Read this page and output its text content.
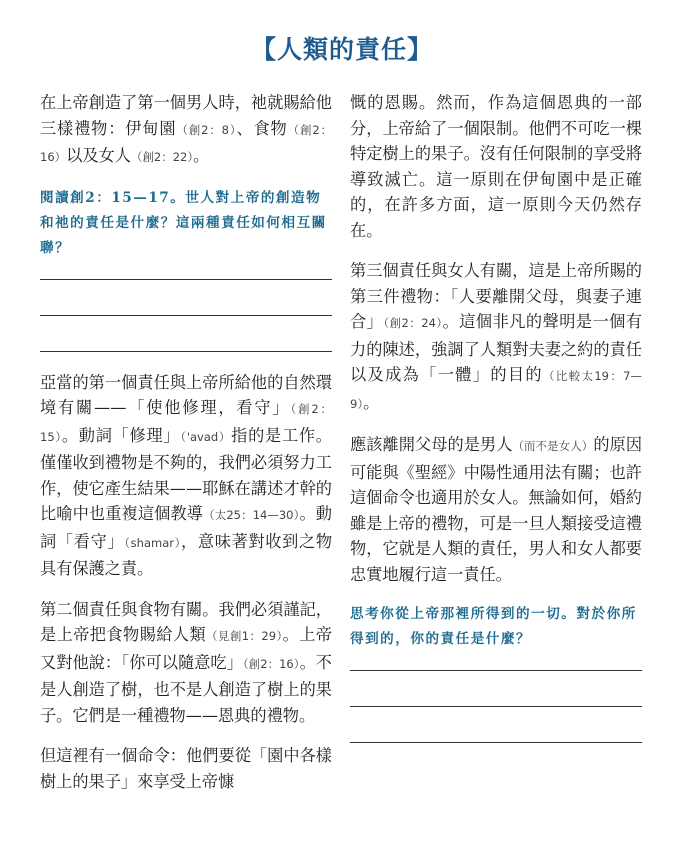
【人類的責任】

在上帝創造了第一個男人時，祂就賜給他三樣禮物：伊甸園（創2：8）、食物（創2：16）以及女人（創2：22）。

閱讀創2：15—17。世人對上帝的創造物和祂的責任是什麼？這兩種責任如何相互關聯？

亞當的第一個責任與上帝所給他的自然環境有關——「使他修理，看守」（創2：15）。動詞「修理」（'avad）指的是工作。僅僅收到禮物是不夠的，我們必須努力工作，使它產生結果——耶穌在講述才幹的比喻中也重複這個教導（太25：14—30）。動詞「看守」（shamar），意味著對收到之物具有保護之責。

第二個責任與食物有關。我們必須謹記，是上帝把食物賜給人類（見創1：29）。上帝又對他說：「你可以隨意吃」（創2：16）。不是人創造了樹，也不是人創造了樹上的果子。它們是一種禮物——恩典的禮物。

但這裡有一個命令：他們要從「園中各樣樹上的果子」來享受上帝慷

慨的恩賜。然而，作為這個恩典的一部分，上帝給了一個限制。他們不可吃一棵特定樹上的果子。沒有任何限制的享受將導致滅亡。這一原則在伊甸園中是正確的，在許多方面，這一原則今天仍然存在。

第三個責任與女人有關，這是上帝所賜的第三件禮物：「人要離開父母，與妻子連合」（創2：24）。這個非凡的聲明是一個有力的陳述，強調了人類對夫妻之約的責任以及成為「一體」的目的（比較太19：7—9）。

應該離開父母的是男人（而不是女人）的原因可能與《聖經》中陽性通用法有關；也許這個命令也適用於女人。無論如何，婚約雖是上帝的禮物，可是一旦人類接受這禮物，它就是人類的責任，男人和女人都要忠實地履行這一責任。

思考你從上帝那裡所得到的一切。對於你所得到的，你的責任是什麼？
